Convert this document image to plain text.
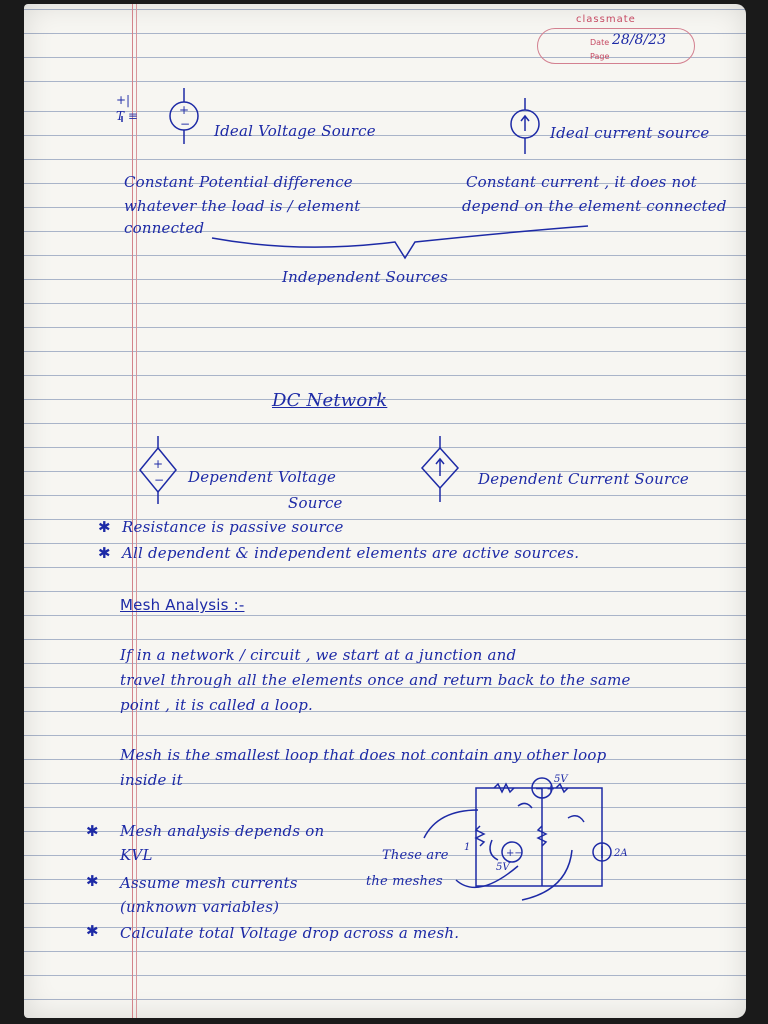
classmate
Date 28/8/23
Page
+|
T ≡	+
− Ideal Voltage Source	Ideal current source
Constant Potential difference
whatever the load is / element
connected
Constant current , it does not
depend on the element connected
Independent Sources
DC Network
+
− Dependent Voltage
Source
Dependent Current Source
✱ Resistance is passive source
✱ All dependent & independent elements are active sources.
Mesh Analysis :-
If in a network / circuit , we start at a junction and
travel through all the elements once and return back to the same
point , it is called a loop.
Mesh is the smallest loop that does not contain any other loop
inside it
✱ Mesh analysis depends on
KVL
✱ Assume mesh currents
(unknown variables)
✱ Calculate total Voltage drop across a mesh.
These are
the meshes
− +
5V
1
+−
5V
2A
